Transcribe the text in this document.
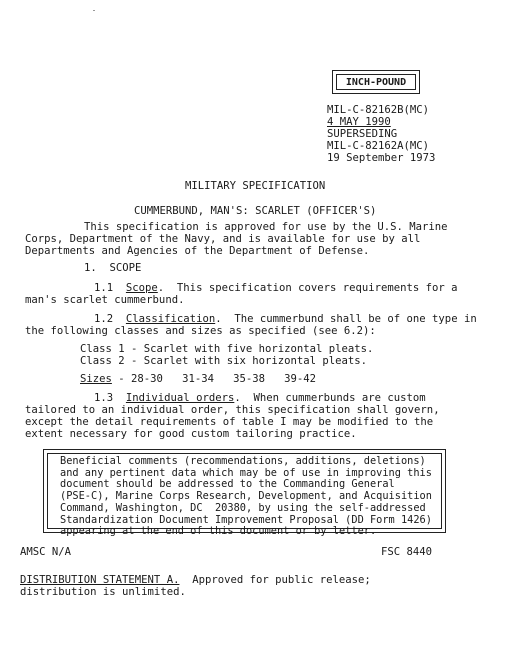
INCH-POUND
MIL-C-82162B(MC)
4 MAY 1990
SUPERSEDING
MIL-C-82162A(MC)
19 September 1973
MILITARY SPECIFICATION
CUMMERBUND, MAN'S: SCARLET (OFFICER'S)
This specification is approved for use by the U.S. Marine
Corps, Department of the Navy, and is available for use by all
Departments and Agencies of the Department of Defense.
1.  SCOPE
1.1 Scope.  This specification covers requirements for a
man's scarlet cummerbund.
1.2 Classification.  The cummerbund shall be of one type in
the following classes and sizes as specified (see 6.2):
Class 1 - Scarlet with five horizontal pleats.
Class 2 - Scarlet with six horizontal pleats.
Sizes - 28-30 31-34 35-38 39-42
1.3 Individual orders.  When cummerbunds are custom
tailored to an individual order, this specification shall govern,
except the detail requirements of table I may be modified to the
extent necessary for good custom tailoring practice.
Beneficial comments (recommendations, additions, deletions)
and any pertinent data which may be of use in improving this
document should be addressed to the Commanding General
(PSE-C), Marine Corps Research, Development, and Acquisition
Command, Washington, DC  20380, by using the self-addressed
Standardization Document Improvement Proposal (DD Form 1426)
appearing at the end of this document or by letter.
AMSC N/A	FSC 8440
DISTRIBUTION STATEMENT A.  Approved for public release;
distribution is unlimited.
